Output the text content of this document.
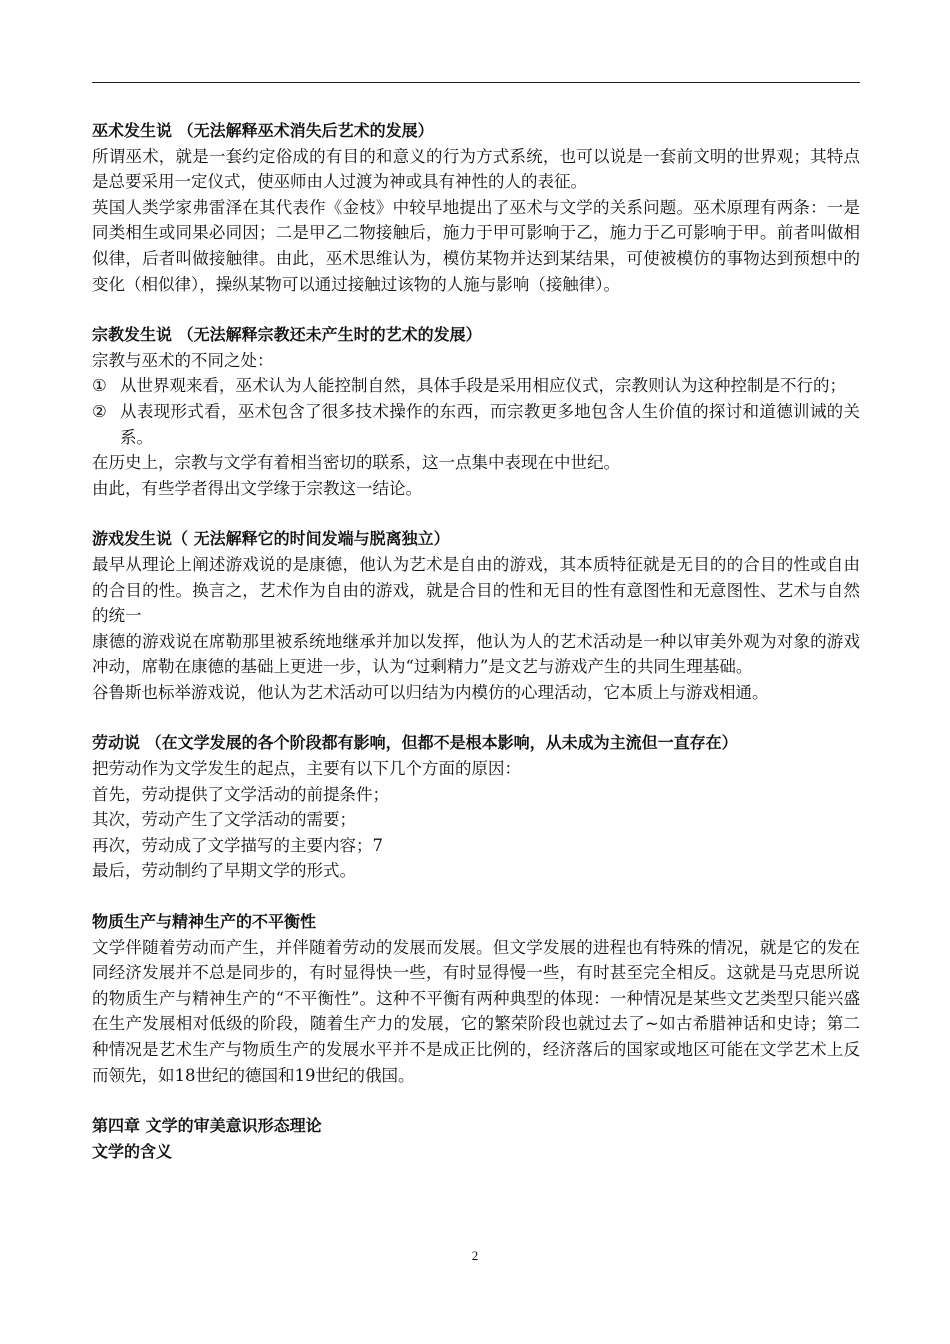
巫术发生说 （无法解释巫术消失后艺术的发展）

所谓巫术，就是一套约定俗成的有目的和意义的行为方式系统，也可以说是一套前文明的世界观；其特点是总要采用一定仪式，使巫师由人过渡为神或具有神性的人的表征。

英国人类学家弗雷泽在其代表作《金枝》中较早地提出了巫术与文学的关系问题。巫术原理有两条：一是同类相生或同果必同因；二是甲乙二物接触后，施力于甲可影响于乙，施力于乙可影响于甲。前者叫做相似律，后者叫做接触律。由此，巫术思维认为，模仿某物并达到某结果，可使被模仿的事物达到预想中的变化（相似律），操纵某物可以通过接触过该物的人施与影响（接触律）。

宗教发生说 （无法解释宗教还未产生时的艺术的发展）

宗教与巫术的不同之处：

① 从世界观来看，巫术认为人能控制自然，具体手段是采用相应仪式，宗教则认为这种控制是不行的；
② 从表现形式看，巫术包含了很多技术操作的东西，而宗教更多地包含人生价值的探讨和道德训诫的关系。

在历史上，宗教与文学有着相当密切的联系，这一点集中表现在中世纪。

由此，有些学者得出文学缘于宗教这一结论。

游戏发生说（ 无法解释它的时间发端与脱离独立）

最早从理论上阐述游戏说的是康德，他认为艺术是自由的游戏，其本质特征就是无目的的合目的性或自由的合目的性。换言之，艺术作为自由的游戏，就是合目的性和无目的性有意图性和无意图性、艺术与自然的统一

康德的游戏说在席勒那里被系统地继承并加以发挥，他认为人的艺术活动是一种以审美外观为对象的游戏冲动，席勒在康德的基础上更进一步，认为“过剩精力”是文艺与游戏产生的共同生理基础。

谷鲁斯也标举游戏说，他认为艺术活动可以归结为内模仿的心理活动，它本质上与游戏相通。

劳动说 （在文学发展的各个阶段都有影响，但都不是根本影响，从未成为主流但一直存在）

把劳动作为文学发生的起点，主要有以下几个方面的原因：

首先，劳动提供了文学活动的前提条件；

其次，劳动产生了文学活动的需要；

再次，劳动成了文学描写的主要内容；7

最后，劳动制约了早期文学的形式。

物质生产与精神生产的不平衡性

文学伴随着劳动而产生，并伴随着劳动的发展而发展。但文学发展的进程也有特殊的情况，就是它的发在同经济发展并不总是同步的，有时显得快一些，有时显得慢一些，有时甚至完全相反。这就是马克思所说的物质生产与精神生产的“不平衡性”。这种不平衡有两种典型的体现：一种情况是某些文艺类型只能兴盛在生产发展相对低级的阶段，随着生产力的发展，它的繁荣阶段也就过去了~如古希腊神话和史诗；第二种情况是艺术生产与物质生产的发展水平并不是成正比例的，经济落后的国家或地区可能在文学艺术上反而领先，如18世纪的德国和19世纪的俄国。

第四章 文学的审美意识形态理论

文学的含义

2
